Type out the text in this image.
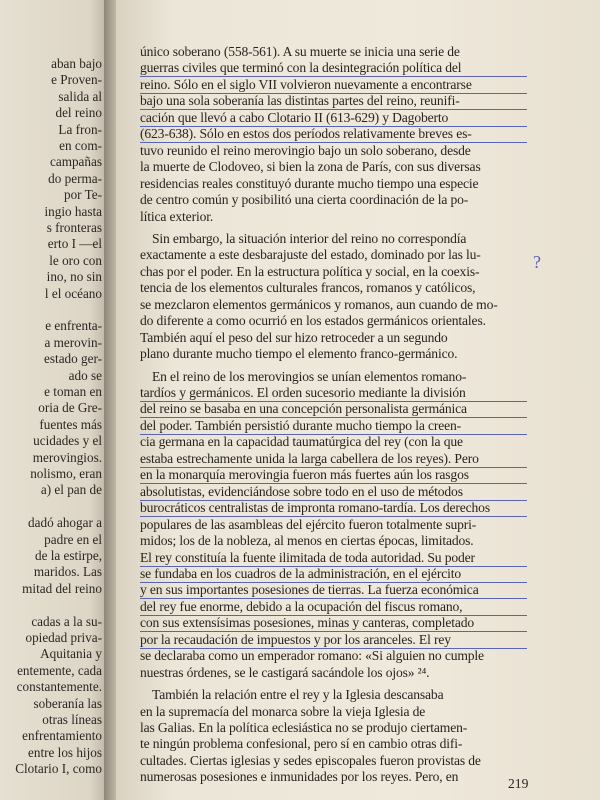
aban bajo
e Proven-
salida al
del reino
La fron-
en com-
campañas
do perma-
por Te-
ingio hasta
s fronteras
erto I —el
le oro con
ino, no sin
l el océano
e enfrenta-
a merovin-
estado ger-
ado se
e toman en
oria de Gre-
fuentes más
ucidades y el
merovingios.
nolismo, eran
a) el pan de
dadó ahogar a
padre en el
de la estirpe,
maridos. Las
mitad del reino
cadas a la su-
opiedad priva-
Aquitania y
entemente, cada
constantemente.
soberanía las
otras líneas
enfrentamiento
entre los hijos
Clotario I, como
único soberano (558-561). A su muerte se inicia una serie de
guerras civiles que terminó con la desintegración política del
reino. Sólo en el siglo VII volvieron nuevamente a encontrarse
bajo una sola soberanía las distintas partes del reino, reunifi-
cación que llevó a cabo Clotario II (613-629) y Dagoberto
(623-638). Sólo en estos dos períodos relativamente breves es-
tuvo reunido el reino merovingio bajo un solo soberano, desde
la muerte de Clodoveo, si bien la zona de París, con sus diversas
residencias reales constituyó durante mucho tiempo una especie
de centro común y posibilitó una cierta coordinación de la po-
lítica exterior.
Sin embargo, la situación interior del reino no correspondía
exactamente a este desbarajuste del estado, dominado por las lu-
chas por el poder. En la estructura política y social, en la coexis-
tencia de los elementos culturales francos, romanos y católicos,
se mezclaron elementos germánicos y romanos, aun cuando de mo-
do diferente a como ocurrió en los estados germánicos orientales.
También aquí el peso del sur hizo retroceder a un segundo
plano durante mucho tiempo el elemento franco-germánico.
En el reino de los merovingios se unían elementos romano-
tardíos y germánicos. El orden sucesorio mediante la división
del reino se basaba en una concepción personalista germánica
del poder. También persistió durante mucho tiempo la creen-
cia germana en la capacidad taumatúrgica del rey (con la que
estaba estrechamente unida la larga cabellera de los reyes). Pero
en la monarquía merovingia fueron más fuertes aún los rasgos
absolutistas, evidenciándose sobre todo en el uso de métodos
burocráticos centralistas de impronta romano-tardía. Los derechos
populares de las asambleas del ejército fueron totalmente supri-
midos; los de la nobleza, al menos en ciertas épocas, limitados.
El rey constituía la fuente ilimitada de toda autoridad. Su poder
se fundaba en los cuadros de la administración, en el ejército
y en sus importantes posesiones de tierras. La fuerza económica
del rey fue enorme, debido a la ocupación del fiscus romano,
con sus extensísimas posesiones, minas y canteras, completado
por la recaudación de impuestos y por los aranceles. El rey
se declaraba como un emperador romano: «Si alguien no cumple
nuestras órdenes, se le castigará sacándole los ojos» ²⁴.
También la relación entre el rey y la Iglesia descansaba
en la supremacía del monarca sobre la vieja Iglesia de
las Galias. En la política eclesiástica no se produjo ciertamen-
te ningún problema confesional, pero sí en cambio otras difi-
cultades. Ciertas iglesias y sedes episcopales fueron provistas de
numerosas posesiones e inmunidades por los reyes. Pero, en
?
219
